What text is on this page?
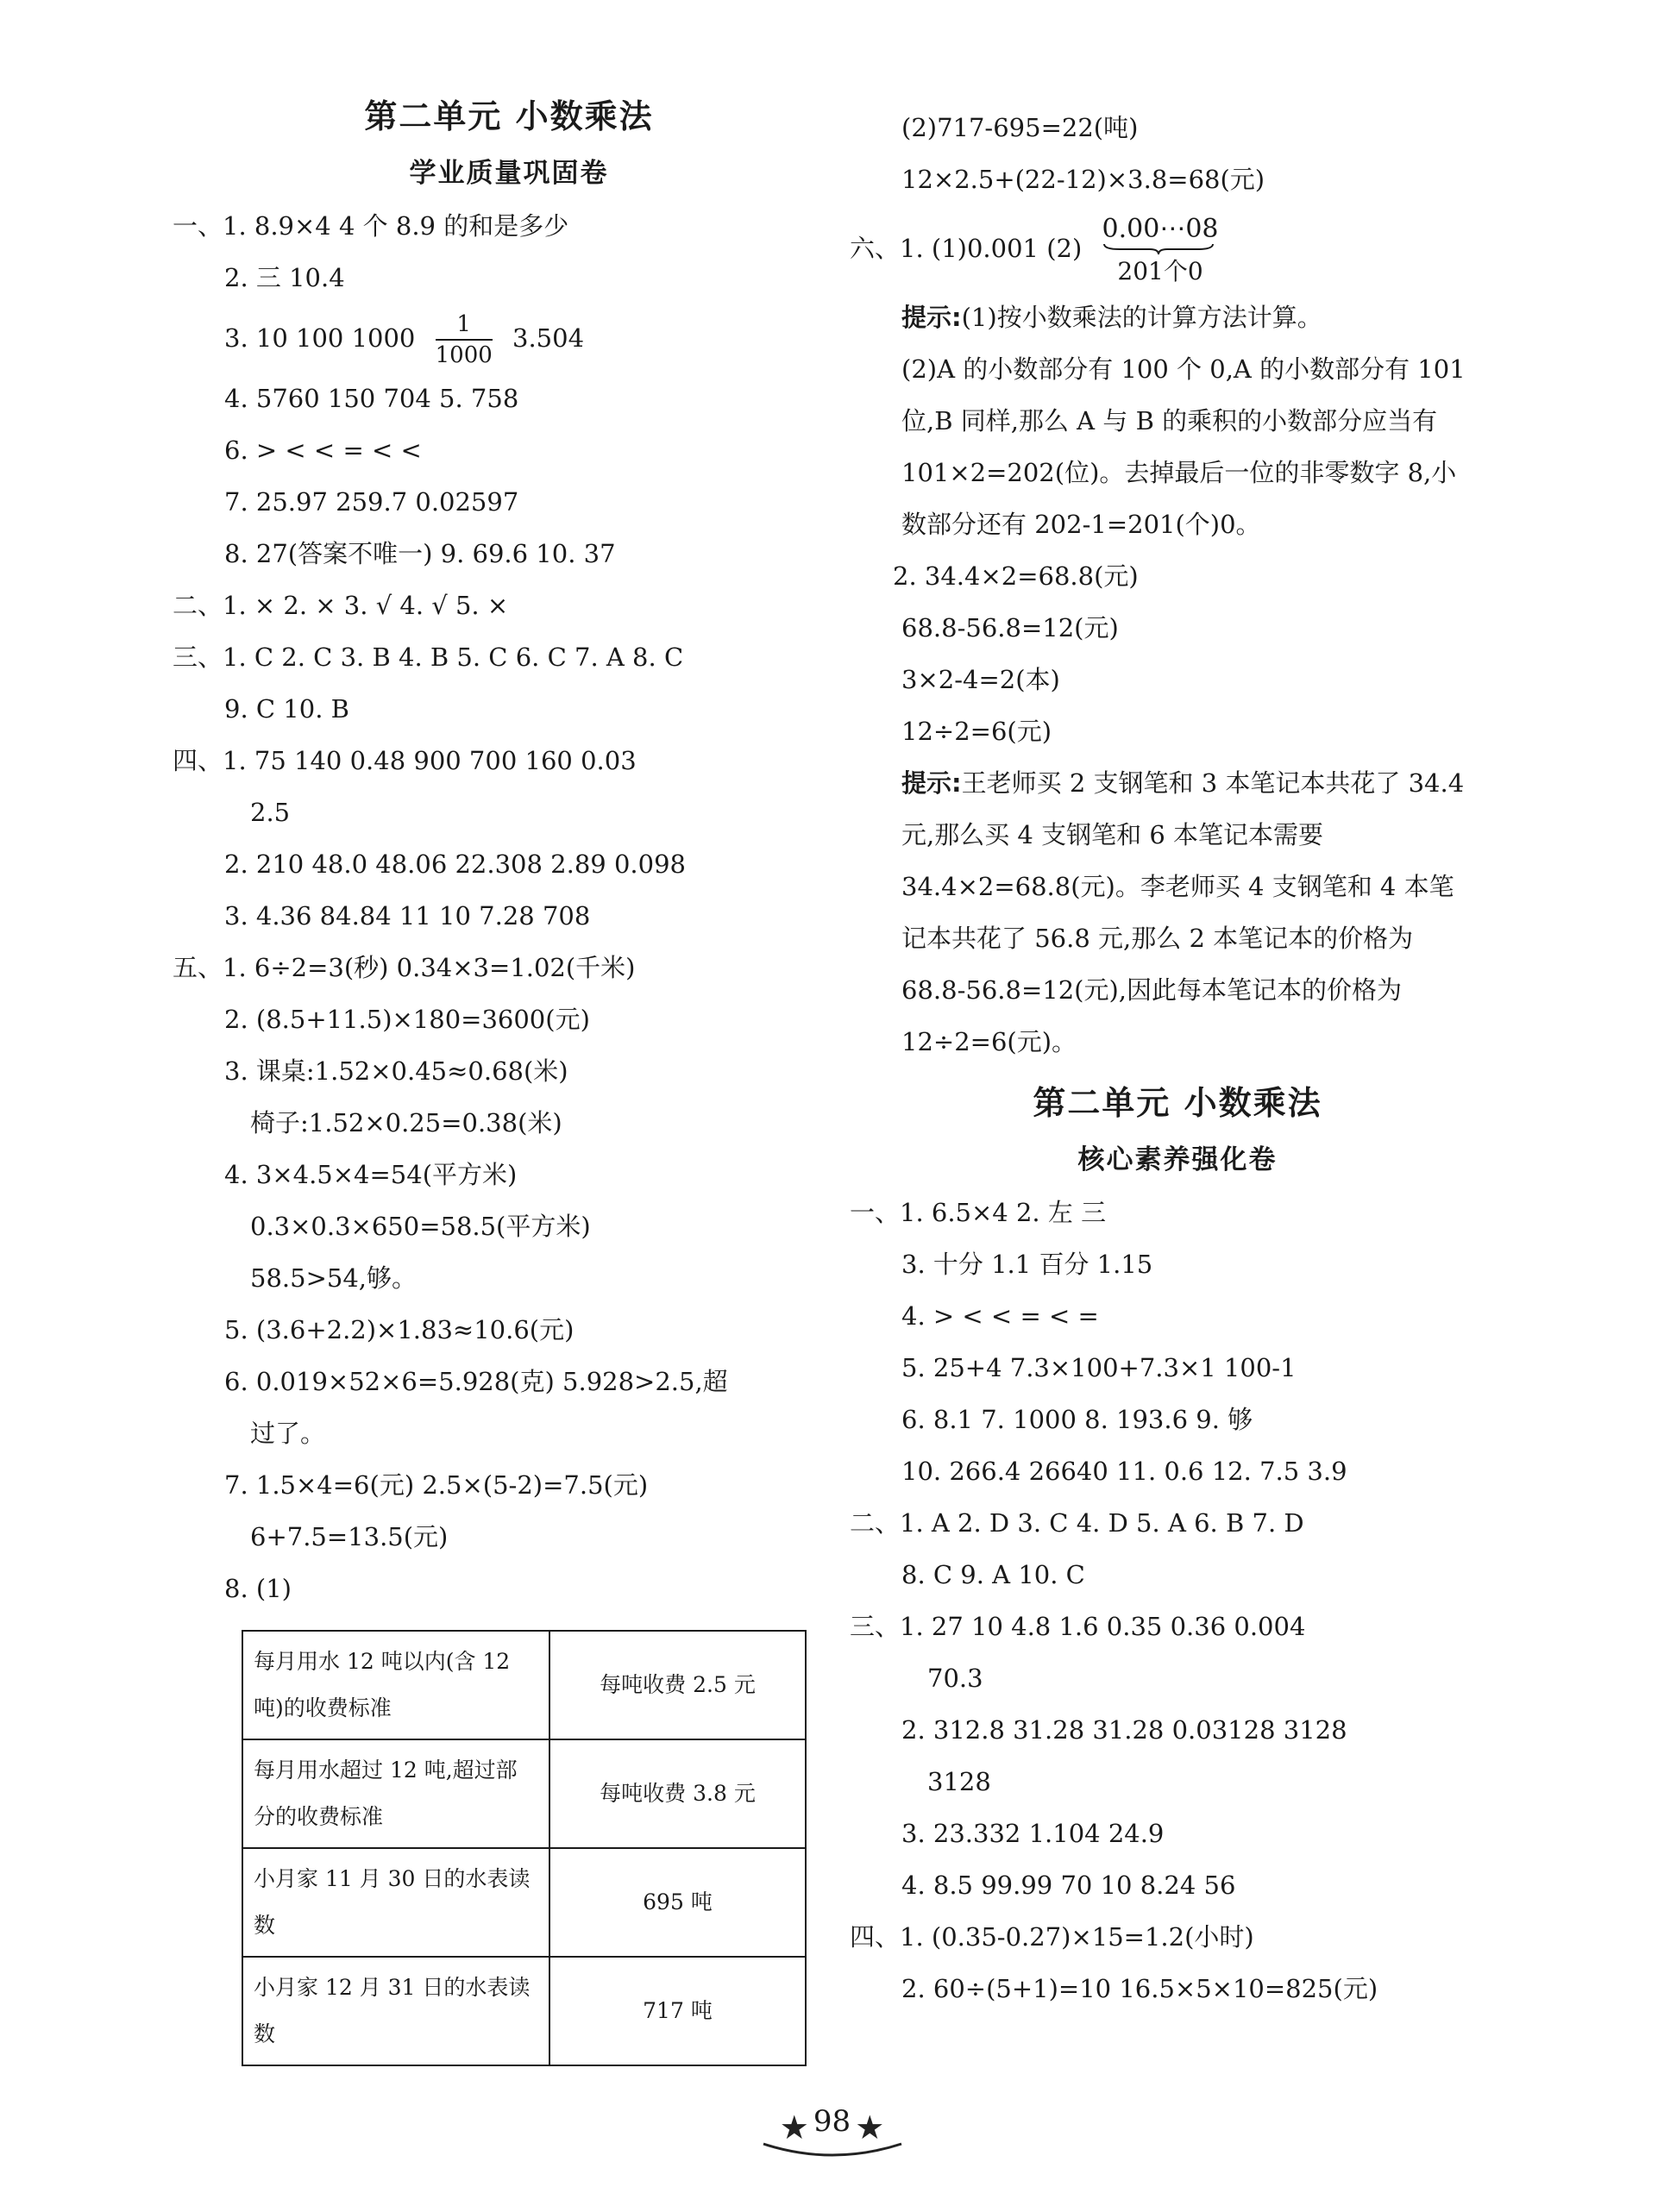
第二单元 小数乘法
学业质量巩固卷
一、1. 8.9×4 4 个 8.9 的和是多少
2. 三 10.4
3. 10 100 $1000 \frac{1}{1000} 3.504$
4. 5760 150 704 5. 758
6. > < < = < <
7. 25.97 259.7 0.02597
8. 27(答案不唯一) 9. 69.6 10. 37
二、1. × 2. × 3. √ 4. √ 5. ×
三、1. C 2. C 3. B 4. B 5. C 6. C 7. A 8. C
9. C 10. B
四、1. 75 140 0.48 900 700 160 0.03
2.5
2. 210 48.0 48.06 22.308 2.89 0.098
3. 4.36 84.84 11 10 7.28 708
五、1. 6÷2=3(秒) 0.34×3=1.02(千米)
2. (8.5+11.5)×180=3600(元)
3. 课桌:1.52×0.45≈0.68(米)
椅子:1.52×0.25=0.38(米)
4. 3×4.5×4=54(平方米)
0.3×0.3×650=58.5(平方米)
58.5>54,够。
5. (3.6+2.2)×1.83≈10.6(元)
6. 0.019×52×6=5.928(克) 5.928>2.5,超
过了。
7. 1.5×4=6(元) 2.5×(5-2)=7.5(元)
6+7.5=13.5(元)
8. (1)
每月用水 12 吨以内(含 12 吨)的收费标准	每吨收费 2.5 元
每月用水超过 12 吨,超过部分的收费标准	每吨收费 3.8 元
小月家 11 月 30 日的水表读数	695 吨
小月家 12 月 31 日的水表读数	717 吨
(2)717-695=22(吨)
12×2.5+(22-12)×3.8=68(元)
六、1. (1)0.001 (2)
0.00⋯08
201个0
提示:(1)按小数乘法的计算方法计算。
(2)A 的小数部分有 100 个 0,A 的小数部分有 101 位,B 同样,那么 A 与 B 的乘积的小数部分应当有 101×2=202(位)。去掉最后一位的非零数字 8,小数部分还有 202-1=201(个)0。
2. 34.4×2=68.8(元)
68.8-56.8=12(元)
3×2-4=2(本)
12÷2=6(元)
提示:王老师买 2 支钢笔和 3 本笔记本共花了 34.4 元,那么买 4 支钢笔和 6 本笔记本需要 34.4×2=68.8(元)。李老师买 4 支钢笔和 4 本笔记本共花了 56.8 元,那么 2 本笔记本的价格为 68.8-56.8=12(元),因此每本笔记本的价格为 12÷2=6(元)。
第二单元 小数乘法
核心素养强化卷
一、1. 6.5×4 2. 左 三
3. 十分 1.1 百分 1.15
4. > < < = < =
5. 25+4 7.3×100+7.3×1 100-1
6. 8.1 7. 1000 8. 193.6 9. 够
10. 266.4 26640 11. 0.6 12. 7.5 3.9
二、1. A 2. D 3. C 4. D 5. A 6. B 7. D
8. C 9. A 10. C
三、1. 27 10 4.8 1.6 0.35 0.36 0.004
70.3
2. 312.8 31.28 31.28 0.03128 3128
3128
3. 23.332 1.104 24.9
4. 8.5 99.99 70 10 8.24 56
四、1. (0.35-0.27)×15=1.2(小时)
2. 60÷(5+1)=10 16.5×5×10=825(元)
★ 98 ★
